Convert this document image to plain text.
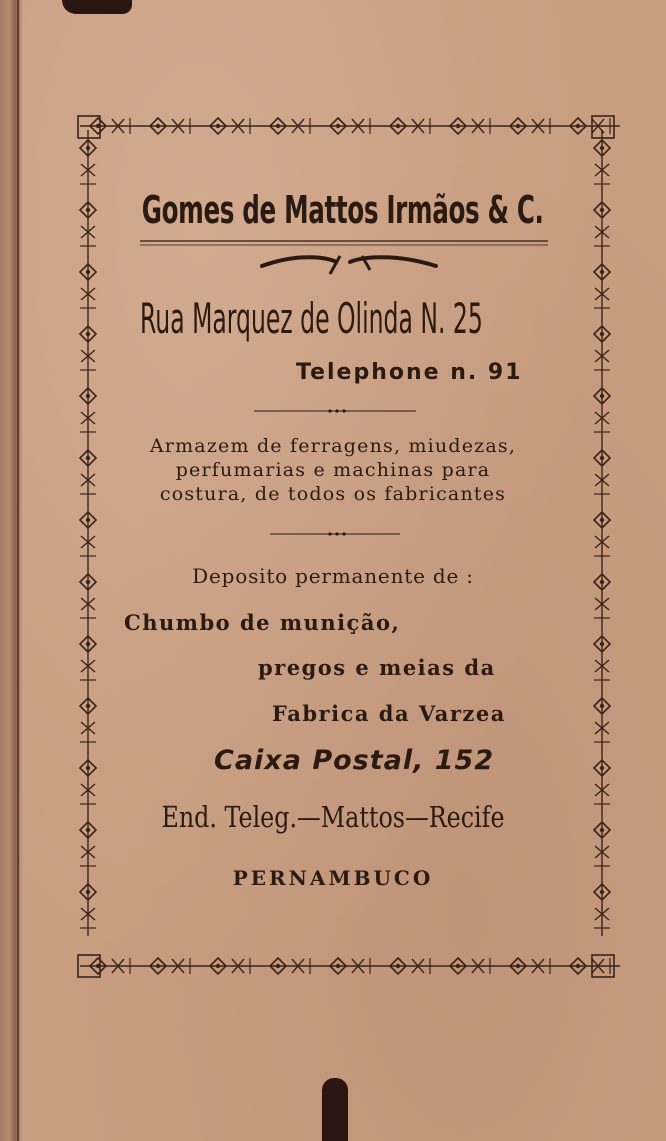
Gomes de Mattos Irmãos & C.
Rua Marquez de Olinda N. 25
Telephone n. 91
Armazem de ferragens, miudezas,
perfumarias e machinas para
costura, de todos os fabricantes
Deposito permanente de :
Chumbo de munição,
pregos e meias da
Fabrica da Varzea
Caixa Postal, 152
End. Teleg.—Mattos—Recife
PERNAMBUCO
